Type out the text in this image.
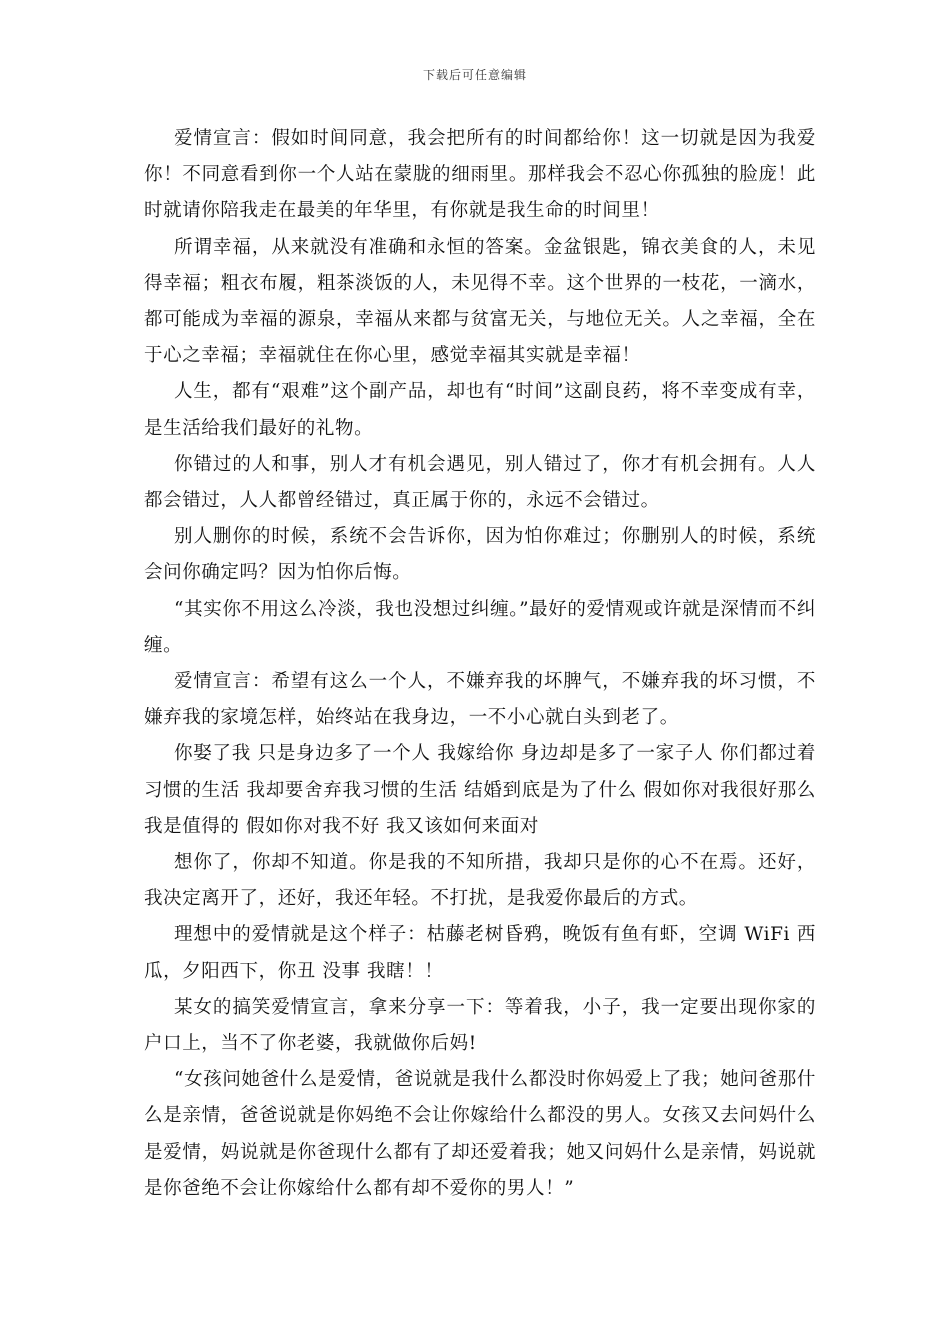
下载后可任意编辑

爱情宣言：假如时间同意，我会把所有的时间都给你！这一切就是因为我爱你！不同意看到你一个人站在蒙胧的细雨里。那样我会不忍心你孤独的脸庞！此时就请你陪我走在最美的年华里，有你就是我生命的时间里！

所谓幸福，从来就没有准确和永恒的答案。金盆银匙，锦衣美食的人，未见得幸福；粗衣布履，粗茶淡饭的人，未见得不幸。这个世界的一枝花，一滴水，都可能成为幸福的源泉，幸福从来都与贫富无关，与地位无关。人之幸福，全在于心之幸福；幸福就住在你心里，感觉幸福其实就是幸福！

人生，都有“艰难”这个副产品，却也有“时间”这副良药，将不幸变成有幸，是生活给我们最好的礼物。

你错过的人和事，别人才有机会遇见，别人错过了，你才有机会拥有。人人都会错过，人人都曾经错过，真正属于你的，永远不会错过。

别人删你的时候，系统不会告诉你，因为怕你难过；你删别人的时候，系统会问你确定吗？因为怕你后悔。

“其实你不用这么冷淡，我也没想过纠缠。”最好的爱情观或许就是深情而不纠缠。

爱情宣言：希望有这么一个人，不嫌弃我的坏脾气，不嫌弃我的坏习惯，不嫌弃我的家境怎样，始终站在我身边，一不小心就白头到老了。

你娶了我 只是身边多了一个人 我嫁给你 身边却是多了一家子人 你们都过着习惯的生活 我却要舍弃我习惯的生活 结婚到底是为了什么 假如你对我很好那么我是值得的 假如你对我不好 我又该如何来面对

想你了，你却不知道。你是我的不知所措，我却只是你的心不在焉。还好，我决定离开了，还好，我还年轻。不打扰，是我爱你最后的方式。

理想中的爱情就是这个样子：枯藤老树昏鸦，晚饭有鱼有虾，空调 WiFi 西瓜，夕阳西下，你丑 没事 我瞎！！

某女的搞笑爱情宣言，拿来分享一下：等着我，小子，我一定要出现你家的户口上，当不了你老婆，我就做你后妈!

“女孩问她爸什么是爱情，爸说就是我什么都没时你妈爱上了我；她问爸那什么是亲情，爸爸说就是你妈绝不会让你嫁给什么都没的男人。女孩又去问妈什么是爱情，妈说就是你爸现什么都有了却还爱着我；她又问妈什么是亲情，妈说就是你爸绝不会让你嫁给什么都有却不爱你的男人！”
